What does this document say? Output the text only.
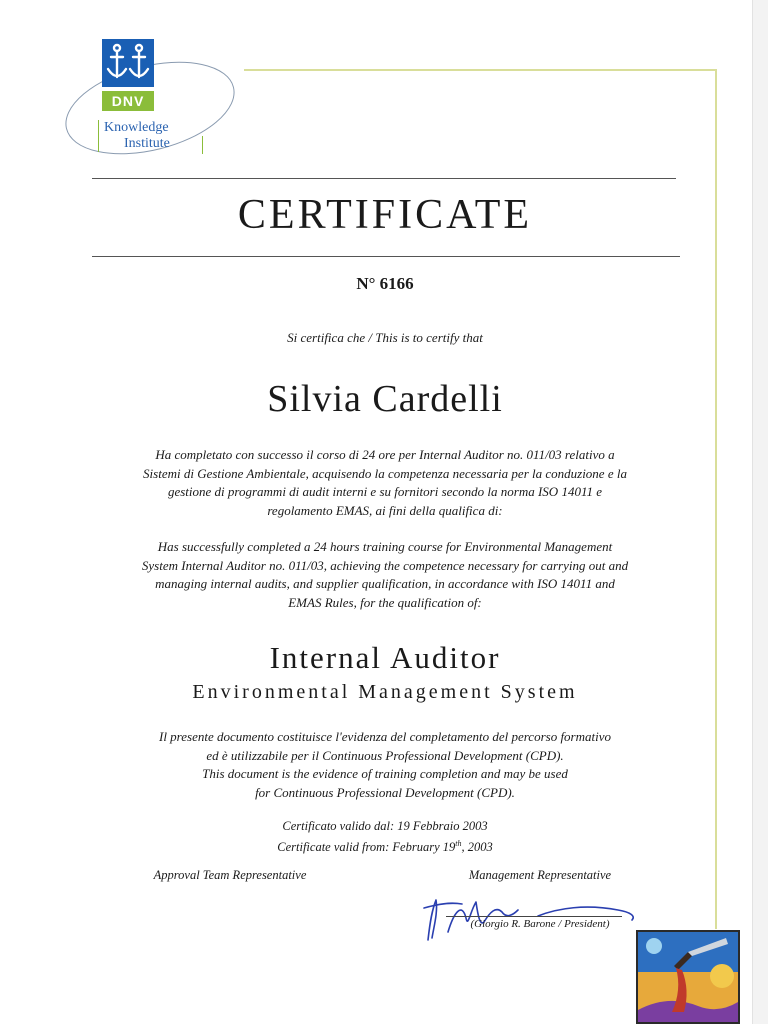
DNV
Knowledge
Institute
CERTIFICATE
N° 6166
Si certifica che / This is to certify that
Silvia Cardelli
Ha completato con successo il corso di 24 ore per Internal Auditor no. 011/03 relativo a
Sistemi di Gestione Ambientale, acquisendo la competenza necessaria per la conduzione e la
gestione di programmi di audit interni e su fornitori secondo la norma ISO 14011 e
regolamento EMAS, ai fini della qualifica di:
Has successfully completed a 24 hours training course for Environmental Management
System Internal Auditor no. 011/03, achieving the competence necessary for carrying out and
managing internal audits, and supplier qualification, in accordance with ISO 14011 and
EMAS Rules, for the qualification of:
Internal Auditor
Environmental Management System
Il presente documento costituisce l'evidenza del completamento del percorso formativo
ed è utilizzabile per il Continuous Professional Development (CPD).
This document is the evidence of training completion and may be used
for Continuous Professional Development (CPD).
Certificato valido dal: 19 Febbraio 2003
Certificate valid from: February 19th, 2003
Approval Team Representative	Management Representative
(Giorgio R. Barone / President)
